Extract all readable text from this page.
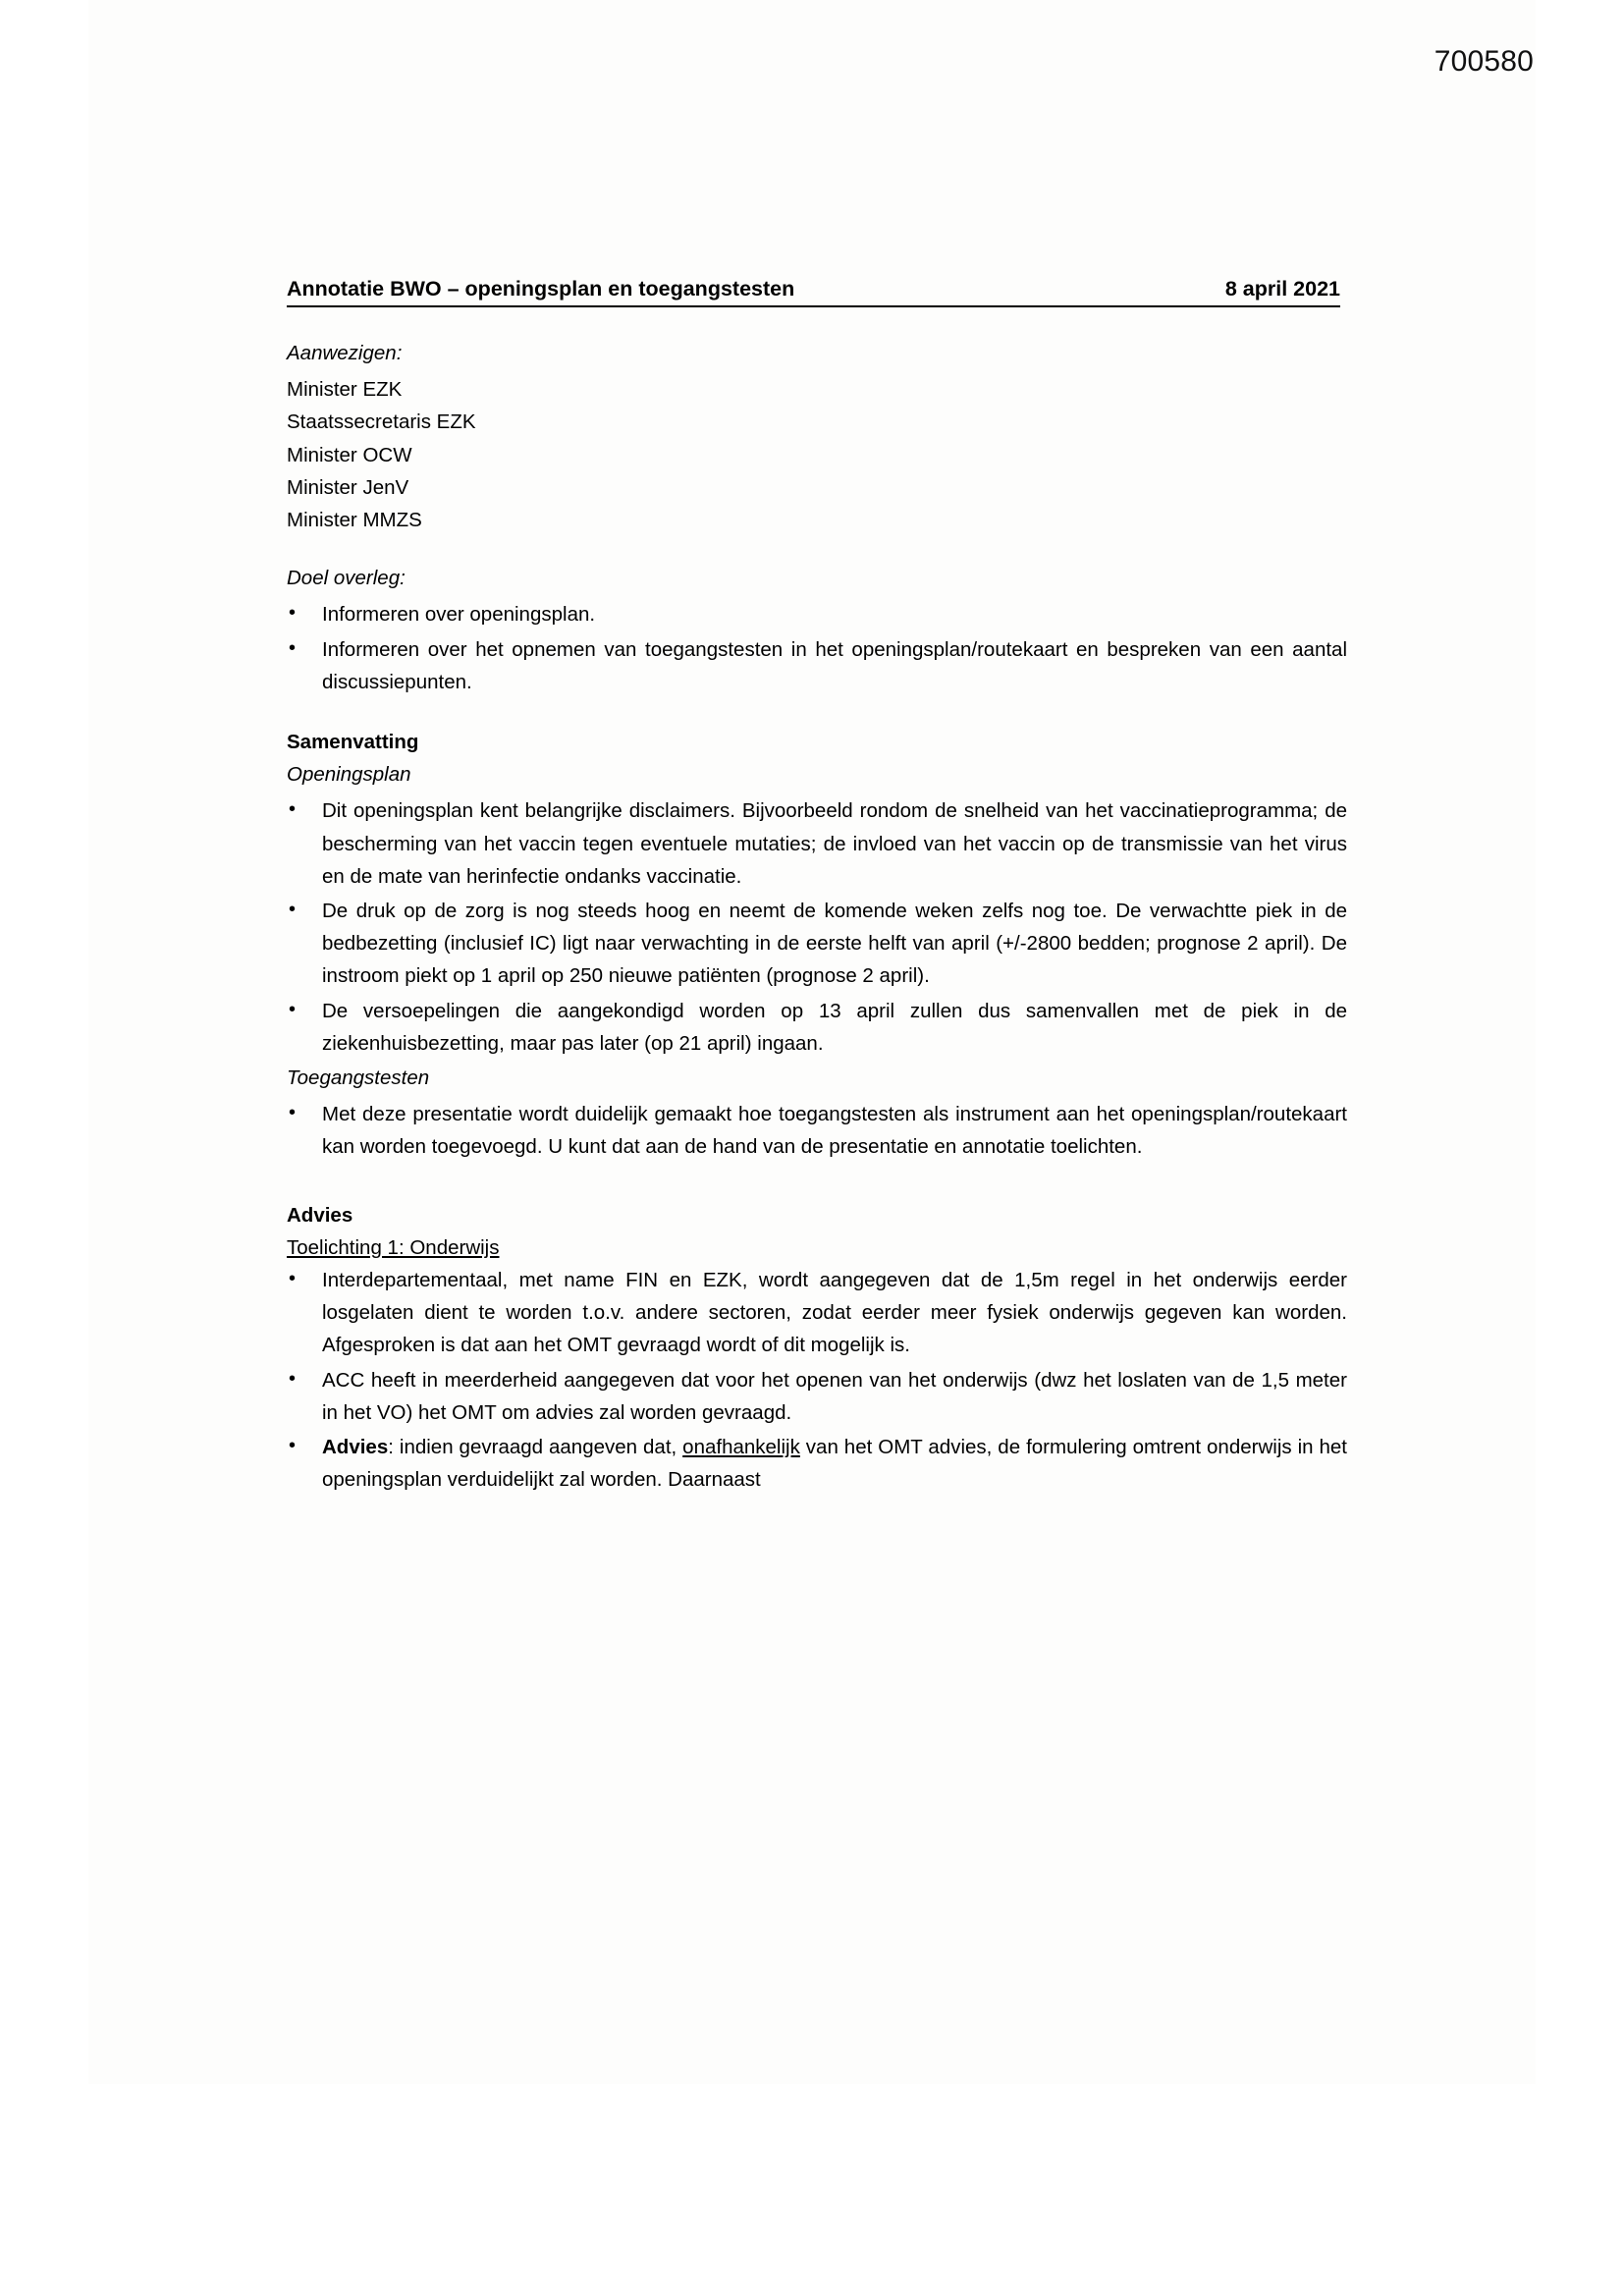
700580
Annotatie BWO – openingsplan en toegangstesten	8 april 2021

Aanwezigen:

Minister EZK

Staatssecretaris EZK

Minister OCW

Minister JenV

Minister MMZS

Doel overleg:

• Informeren over openingsplan.
• Informeren over het opnemen van toegangstesten in het openingsplan/routekaart en bespreken van een aantal discussiepunten.

Samenvatting

Openingsplan

• Dit openingsplan kent belangrijke disclaimers. Bijvoorbeeld rondom de snelheid van het vaccinatieprogramma; de bescherming van het vaccin tegen eventuele mutaties; de invloed van het vaccin op de transmissie van het virus en de mate van herinfectie ondanks vaccinatie.
• De druk op de zorg is nog steeds hoog en neemt de komende weken zelfs nog toe. De verwachtte piek in de bedbezetting (inclusief IC) ligt naar verwachting in de eerste helft van april (+/-2800 bedden; prognose 2 april). De instroom piekt op 1 april op 250 nieuwe patiënten (prognose 2 april).
• De versoepelingen die aangekondigd worden op 13 april zullen dus samenvallen met de piek in de ziekenhuisbezetting, maar pas later (op 21 april) ingaan.

Toegangstesten

• Met deze presentatie wordt duidelijk gemaakt hoe toegangstesten als instrument aan het openingsplan/routekaart kan worden toegevoegd. U kunt dat aan de hand van de presentatie en annotatie toelichten.

Advies

Toelichting 1: Onderwijs

• Interdepartementaal, met name FIN en EZK, wordt aangegeven dat de 1,5m regel in het onderwijs eerder losgelaten dient te worden t.o.v. andere sectoren, zodat eerder meer fysiek onderwijs gegeven kan worden. Afgesproken is dat aan het OMT gevraagd wordt of dit mogelijk is.
• ACC heeft in meerderheid aangegeven dat voor het openen van het onderwijs (dwz het loslaten van de 1,5 meter in het VO) het OMT om advies zal worden gevraagd.
• Advies: indien gevraagd aangeven dat, onafhankelijk van het OMT advies, de formulering omtrent onderwijs in het openingsplan verduidelijkt zal worden. Daarnaast
